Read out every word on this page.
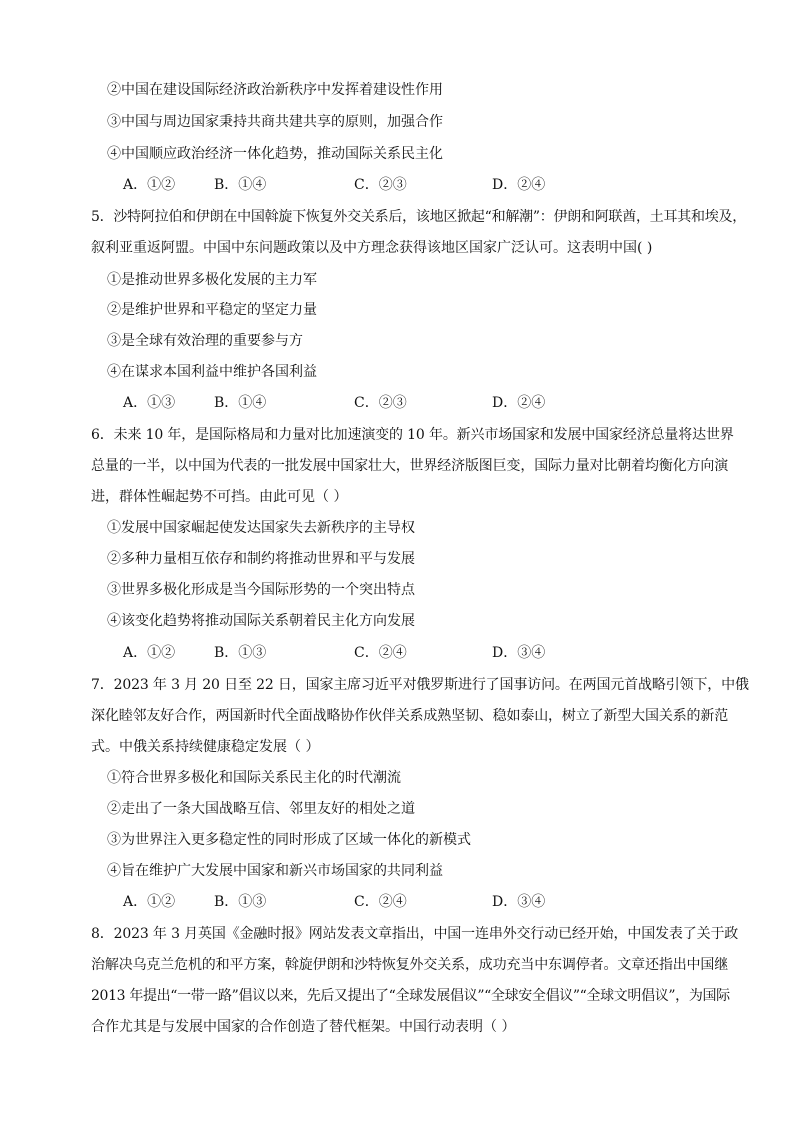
②中国在建设国际经济政治新秩序中发挥着建设性作用
③中国与周边国家秉持共商共建共享的原则，加强合作
④中国顺应政治经济一体化趋势，推动国际关系民主化
A．①②	B．①④	C．②③	D．②④
5．沙特阿拉伯和伊朗在中国斡旋下恢复外交关系后，该地区掀起“和解潮”：伊朗和阿联酋，土耳其和埃及，
叙利亚重返阿盟。中国中东问题政策以及中方理念获得该地区国家广泛认可。这表明中国( )
①是推动世界多极化发展的主力军
②是维护世界和平稳定的坚定力量
③是全球有效治理的重要参与方
④在谋求本国利益中维护各国利益
A．①③	B．①④	C．②③	D．②④
6．未来 10 年，是国际格局和力量对比加速演变的 10 年。新兴市场国家和发展中国家经济总量将达世界
总量的一半，以中国为代表的一批发展中国家壮大，世界经济版图巨变，国际力量对比朝着均衡化方向演
进，群体性崛起势不可挡。由此可见（ ）
①发展中国家崛起使发达国家失去新秩序的主导权
②多种力量相互依存和制约将推动世界和平与发展
③世界多极化形成是当今国际形势的一个突出特点
④该变化趋势将推动国际关系朝着民主化方向发展
A．①②	B．①③	C．②④	D．③④
7．2023 年 3 月 20 日至 22 日，国家主席习近平对俄罗斯进行了国事访问。在两国元首战略引领下，中俄
深化睦邻友好合作，两国新时代全面战略协作伙伴关系成熟坚韧、稳如泰山，树立了新型大国关系的新范
式。中俄关系持续健康稳定发展（ ）
①符合世界多极化和国际关系民主化的时代潮流
②走出了一条大国战略互信、邻里友好的相处之道
③为世界注入更多稳定性的同时形成了区域一体化的新模式
④旨在维护广大发展中国家和新兴市场国家的共同利益
A．①②	B．①③	C．②④	D．③④
8．2023 年 3 月英国《金融时报》网站发表文章指出，中国一连串外交行动已经开始，中国发表了关于政
治解决乌克兰危机的和平方案，斡旋伊朗和沙特恢复外交关系，成功充当中东调停者。文章还指出中国继
2013 年提出“一带一路”倡议以来，先后又提出了“全球发展倡议”“全球安全倡议”“全球文明倡议”，为国际
合作尤其是与发展中国家的合作创造了替代框架。中国行动表明（ ）
